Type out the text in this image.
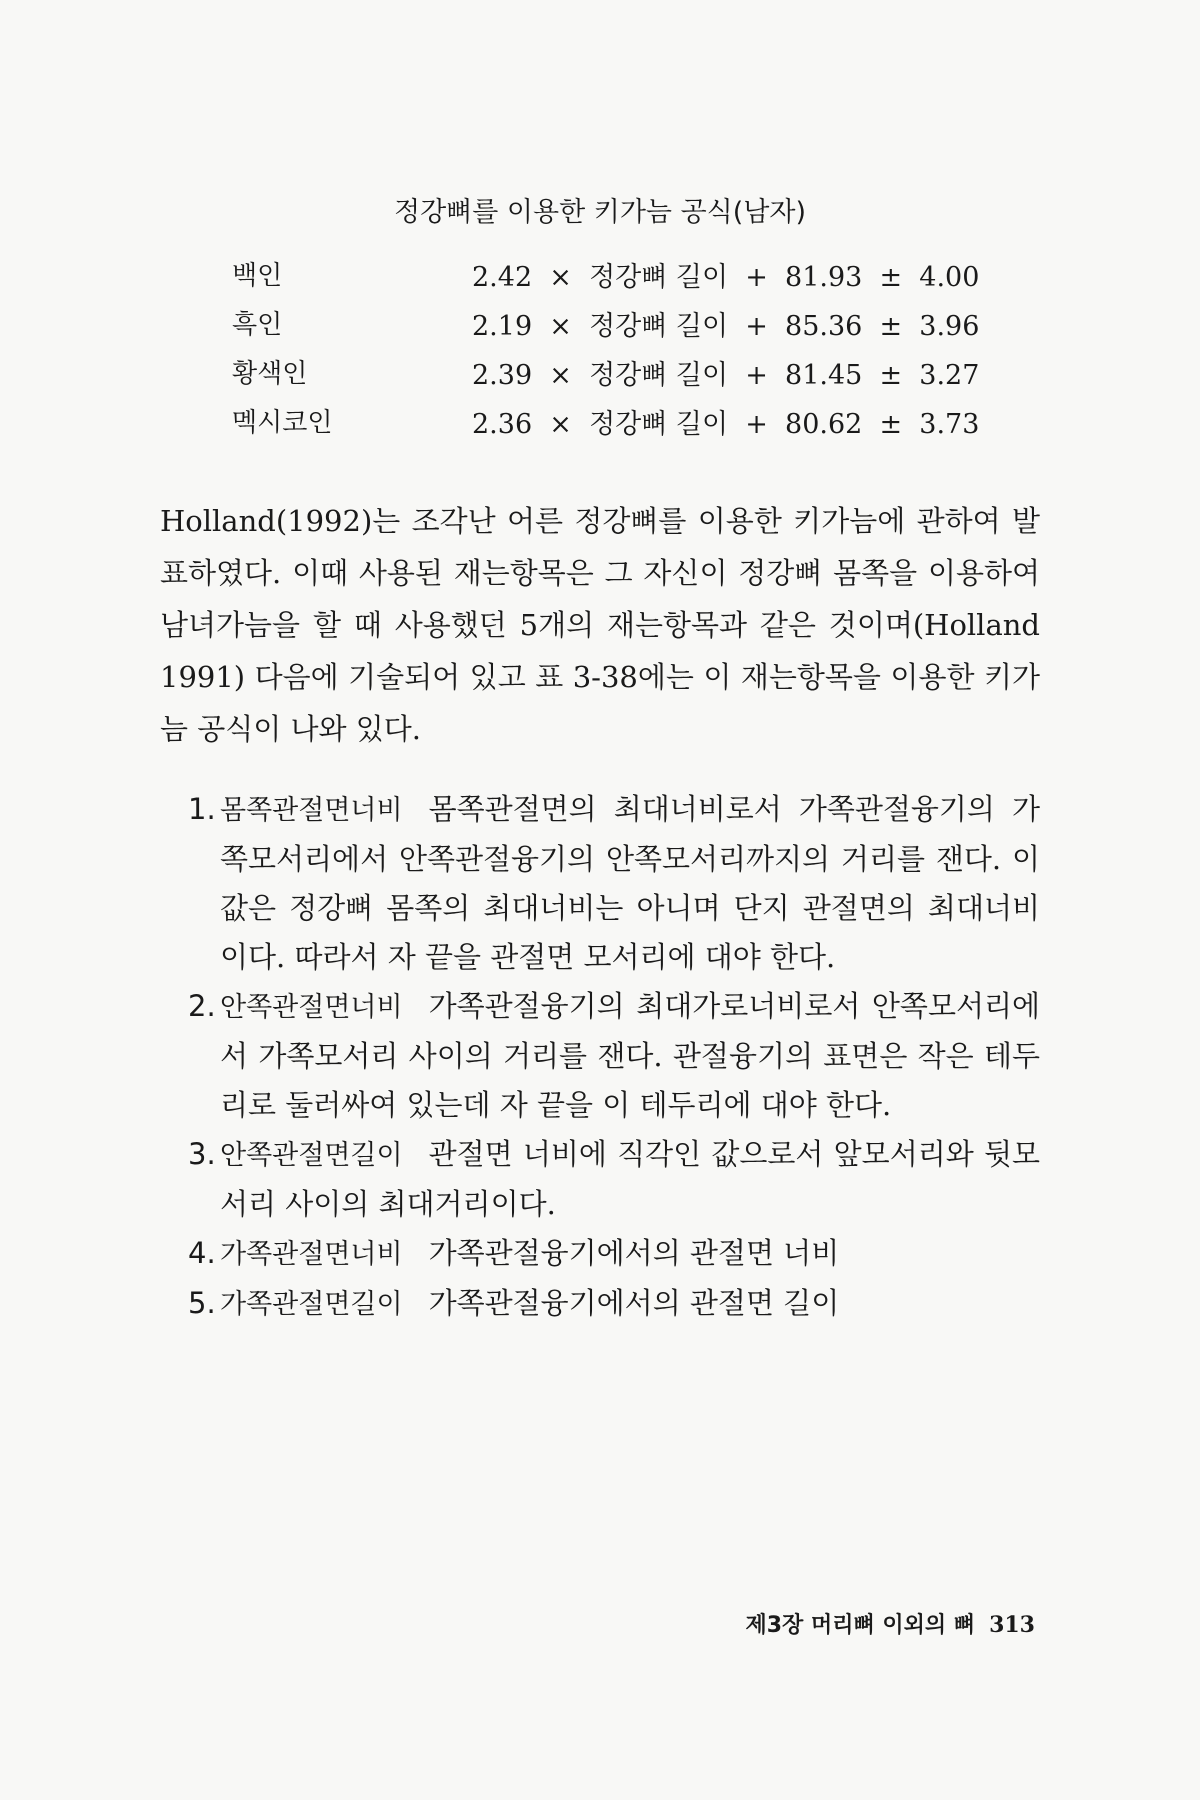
정강뼈를 이용한 키가늠 공식(남자)
백인	2.42  ×  정강뼈 길이  +  81.93  ±  4.00
흑인	2.19  ×  정강뼈 길이  +  85.36  ±  3.96
황색인	2.39  ×  정강뼈 길이  +  81.45  ±  3.27
멕시코인	2.36  ×  정강뼈 길이  +  80.62  ±  3.73
Holland(1992)는 조각난 어른 정강뼈를 이용한 키가늠에 관하여 발표하였다. 이때 사용된 재는항목은 그 자신이 정강뼈 몸쪽을 이용하여 남녀가늠을 할 때 사용했던 5개의 재는항목과 같은 것이며(Holland 1991) 다음에 기술되어 있고 표 3-38에는 이 재는항목을 이용한 키가늠 공식이 나와 있다.
1. 몸쪽관절면너비 몸쪽관절면의 최대너비로서 가쪽관절융기의 가쪽모서리에서 안쪽관절융기의 안쪽모서리까지의 거리를 잰다. 이 값은 정강뼈 몸쪽의 최대너비는 아니며 단지 관절면의 최대너비이다. 따라서 자 끝을 관절면 모서리에 대야 한다.
2. 안쪽관절면너비 가쪽관절융기의 최대가로너비로서 안쪽모서리에서 가쪽모서리 사이의 거리를 잰다. 관절융기의 표면은 작은 테두리로 둘러싸여 있는데 자 끝을 이 테두리에 대야 한다.
3. 안쪽관절면길이 관절면 너비에 직각인 값으로서 앞모서리와 뒷모서리 사이의 최대거리이다.
4. 가쪽관절면너비 가쪽관절융기에서의 관절면 너비
5. 가쪽관절면길이 가쪽관절융기에서의 관절면 길이
제3장 머리뼈 이외의 뼈 313
